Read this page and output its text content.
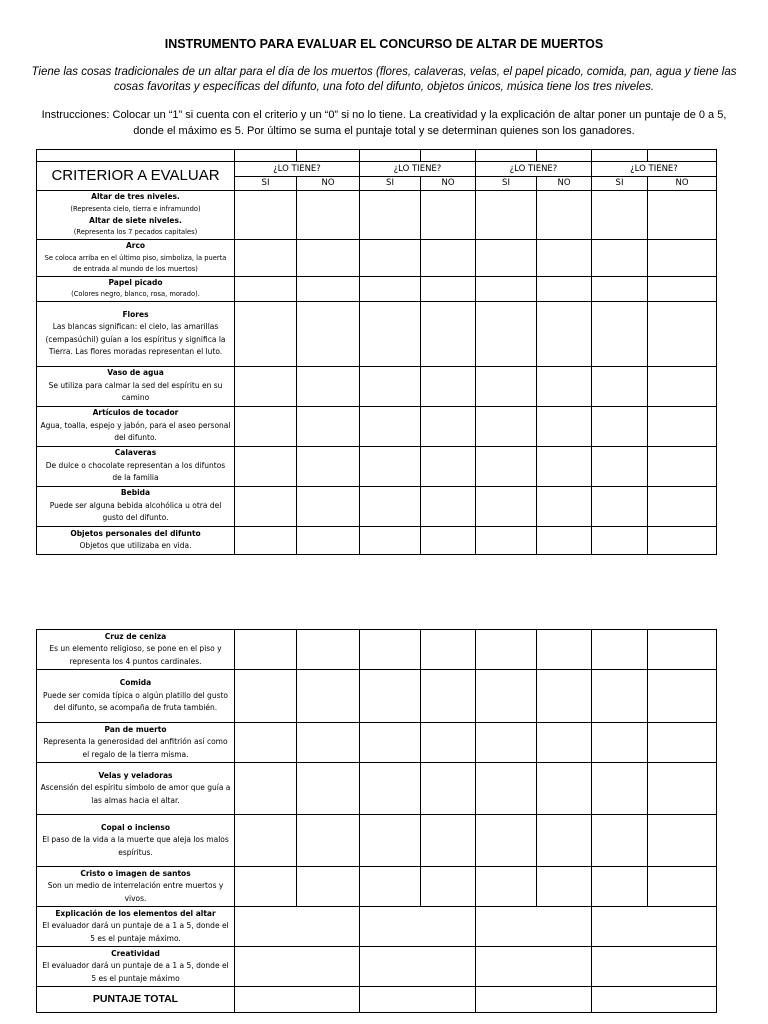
INSTRUMENTO PARA EVALUAR EL CONCURSO DE ALTAR DE MUERTOS
Tiene las cosas tradicionales de un altar para el día de los muertos (flores, calaveras, velas, el papel picado, comida, pan, agua y tiene las cosas favoritas y específicas del difunto, una foto del difunto, objetos únicos, música tiene los tres niveles.
Instrucciones: Colocar un “1” si cuenta con el criterio y un “0” si no lo tiene. La creatividad y la explicación de altar poner un puntaje de 0 a 5, donde el máximo es 5. Por último se suma el puntaje total y se determinan quienes son los ganadores.

CRITERIOR A EVALUAR	¿LO TIENE?		¿LO TIENE?		¿LO TIENE?		¿LO TIENE?	
	SI	NO	SI	NO	SI	NO	SI	NO

Altar de tres niveles.
(Representa cielo, tierra e inframundo)
Altar de siete niveles.
(Representa los 7 pecados capitales)								

Arco
Se coloca arriba en el último piso, simboliza, la puerta de entrada al mundo de los muertos)								

Papel picado
(Colores negro, blanco, rosa, morado).								

Flores
Las blancas significan: el cielo, las amarillas (cempasúchil) guían a los espíritus y significa la Tierra. Las flores moradas representan el luto.								

Vaso de agua
Se utiliza para calmar la sed del espíritu en su camino								

Artículos de tocador
Agua, toalla, espejo y jabón, para el aseo personal del difunto.								

Calaveras
De dulce o chocolate representan a los difuntos de la familia								

Bebida
Puede ser alguna bebida alcohólica u otra del gusto del difunto.								

Objetos personales del difunto
Objetos que utilizaba en vida.								

Cruz de ceniza
Es un elemento religioso, se pone en el piso y representa los 4 puntos cardinales.								

Comida
Puede ser comida típica o algún platillo del gusto del difunto, se acompaña de fruta también.								

Pan de muerto
Representa la generosidad del anfitrión así como el regalo de la tierra misma.								

Velas y veladoras
Ascensión del espíritu símbolo de amor que guía a las almas hacia el altar.								

Copal o incienso
El paso de la vida a la muerte que aleja los malos espíritus.								

Cristo o imagen de santos
Son un medio de interrelación entre muertos y vivos.								

Explicación de los elementos del altar
El evaluador dará un puntaje de a 1 a 5, donde el 5 es el puntaje máximo.								

Creatividad
El evaluador dará un puntaje de a 1 a 5, donde el 5 es el puntaje máximo								

PUNTAJE TOTAL								
